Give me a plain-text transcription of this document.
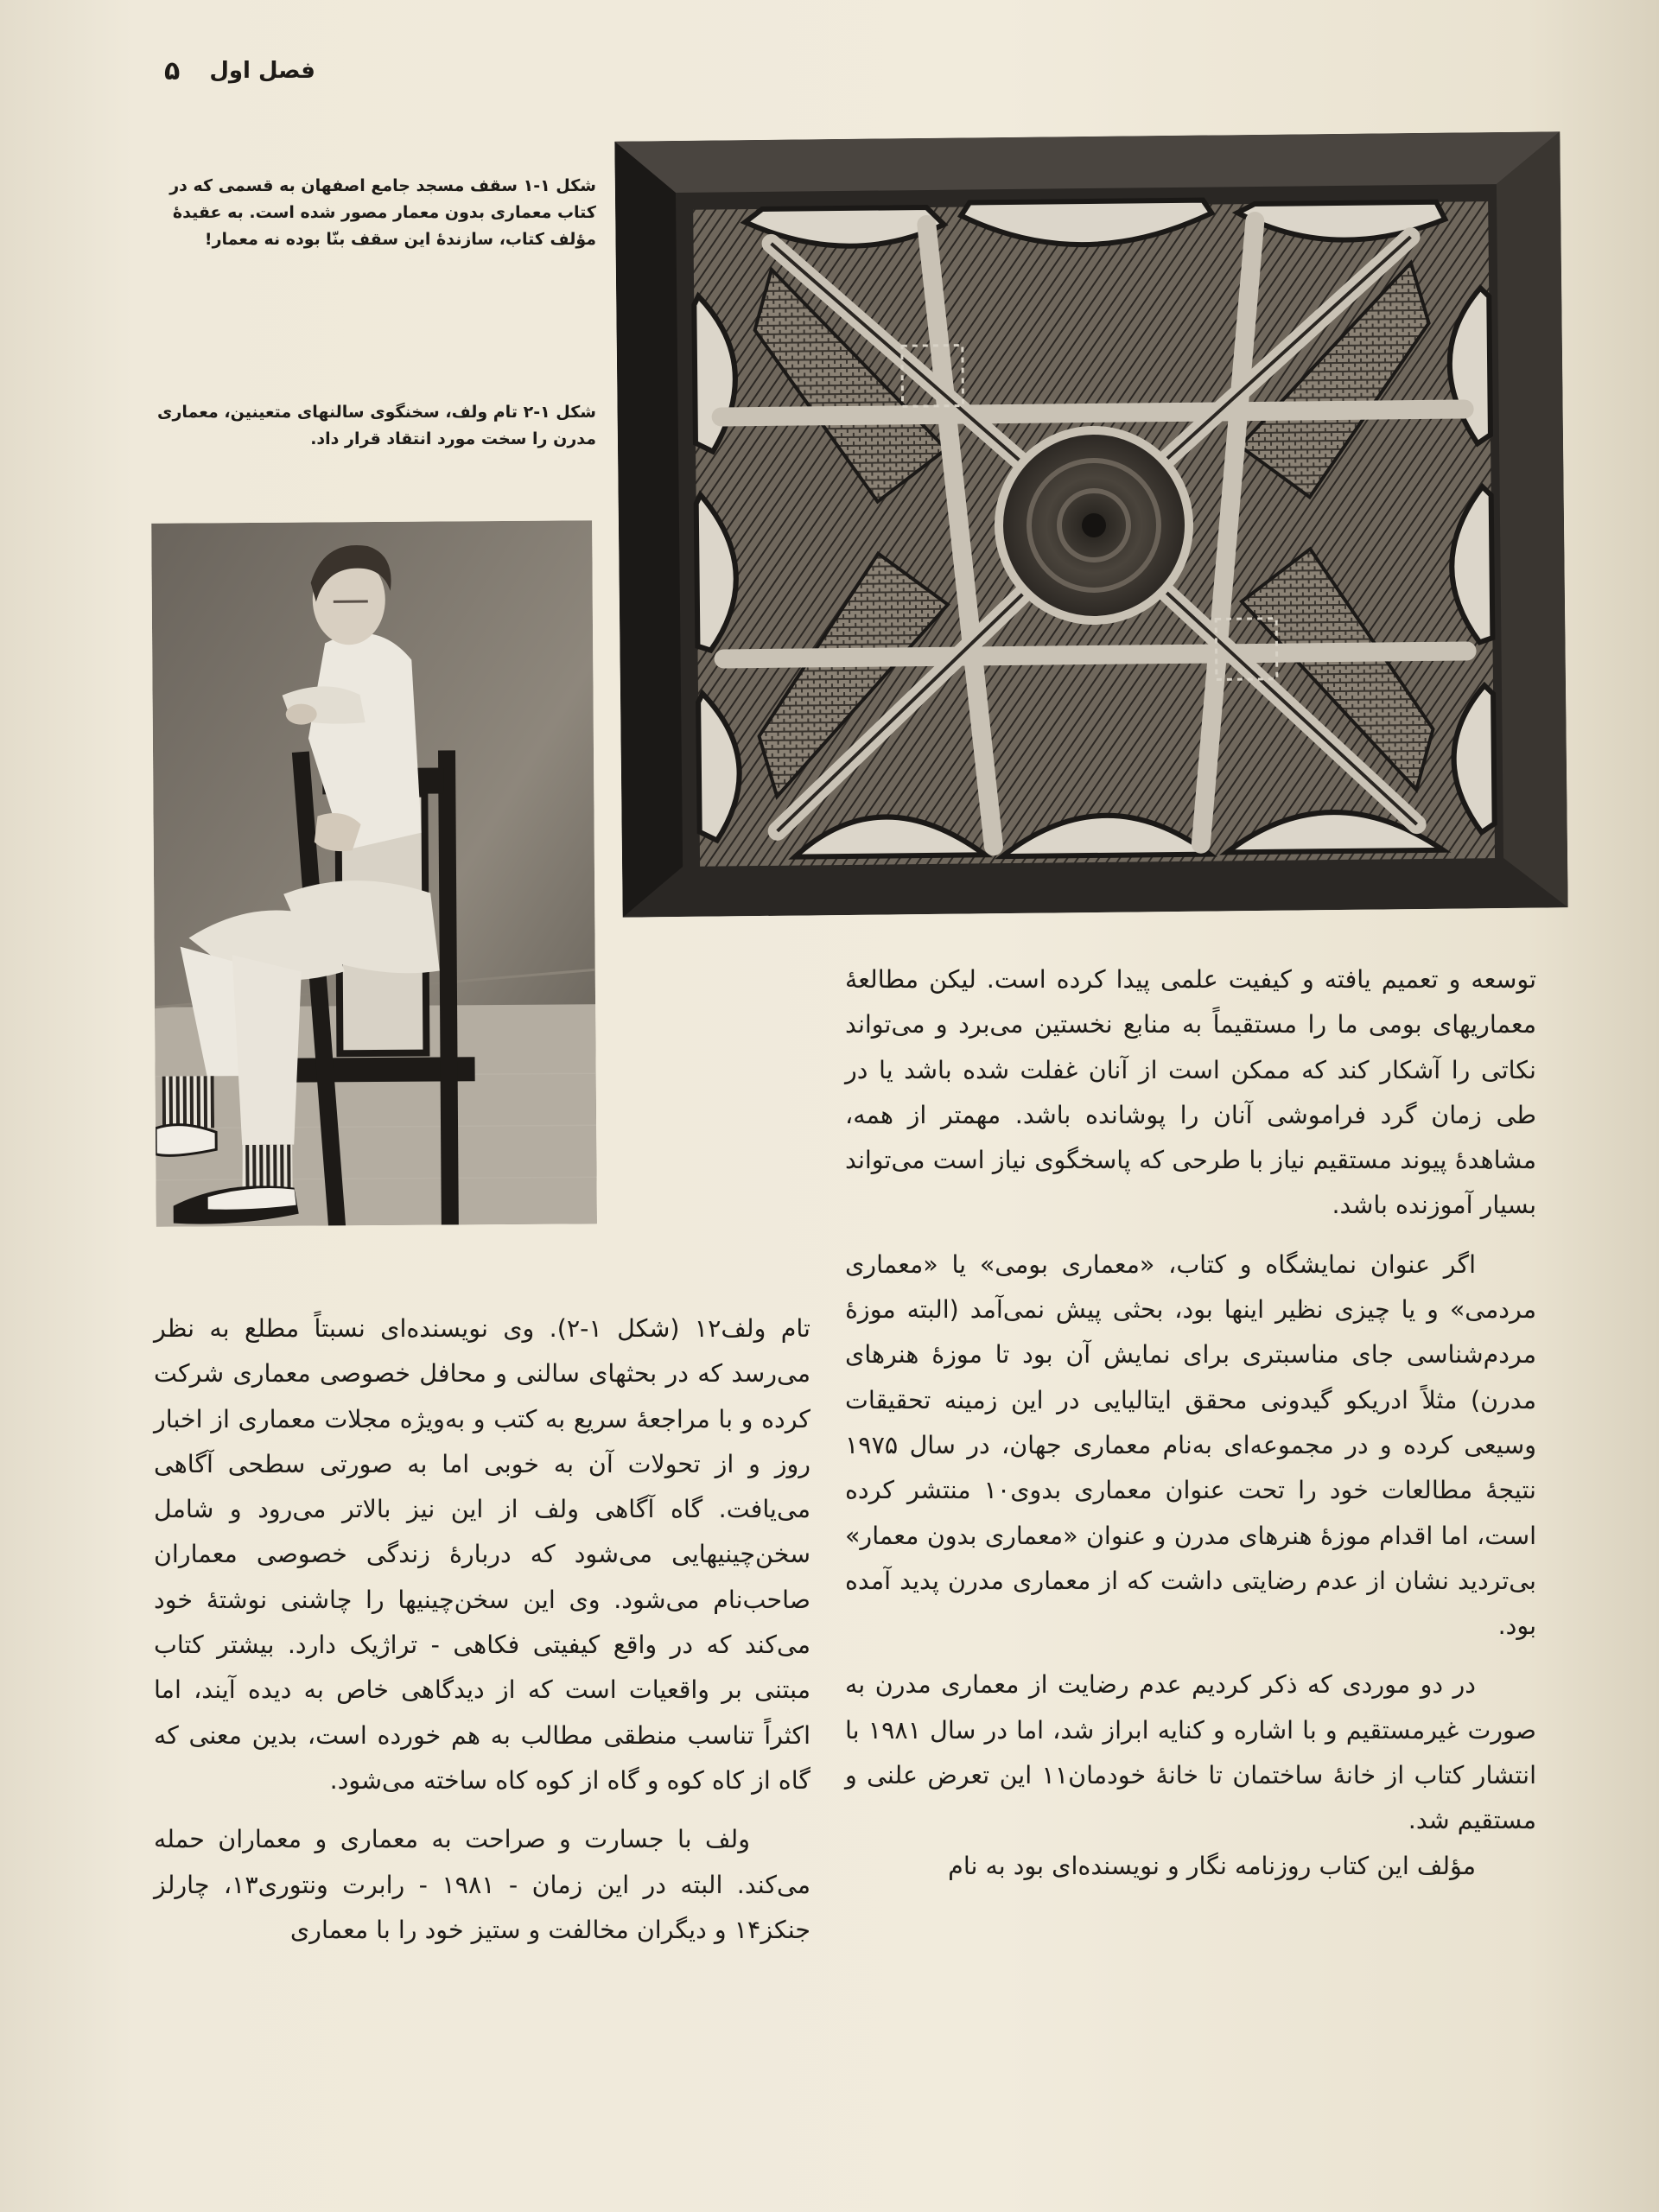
۵ فصل اول
شکل ۱-۱ سقف مسجد جامع اصفهان به قسمی که در کتاب معماری بدون معمار مصور شده است. به عقیدهٔ مؤلف کتاب، سازندهٔ این سقف بنّا بوده نه معمار!
شکل ۱-۲ تام ولف، سخنگوی سالنهای متعینین، معماری مدرن را سخت مورد انتقاد قرار داد.

توسعه و تعمیم یافته و کیفیت علمی پیدا کرده است. لیکن مطالعهٔ معماریهای بومی ما را مستقیماً به منابع نخستین می‌برد و می‌تواند نکاتی را آشکار کند که ممکن است از آنان غفلت شده باشد یا در طی زمان گرد فراموشی آنان را پوشانده باشد. مهمتر از همه، مشاهدهٔ پیوند مستقیم نیاز با طرحی که پاسخگوی نیاز است می‌تواند بسیار آموزنده باشد.

اگر عنوان نمایشگاه و کتاب، «معماری بومی» یا «معماری مردمی» و یا چیزی نظیر اینها بود، بحثی پیش نمی‌آمد (البته موزهٔ مردم‌شناسی جای مناسبتری برای نمایش آن بود تا موزهٔ هنرهای مدرن) مثلاً ادریکو گیدونی محقق ایتالیایی در این زمینه تحقیقات وسیعی کرده و در مجموعه‌ای به‌نام معماری جهان، در سال ۱۹۷۵ نتیجهٔ مطالعات خود را تحت عنوان معماری بدوی۱۰ منتشر کرده است، اما اقدام موزهٔ هنرهای مدرن و عنوان «معماری بدون معمار» بی‌تردید نشان از عدم رضایتی داشت که از معماری مدرن پدید آمده بود.

در دو موردی که ذکر کردیم عدم رضایت از معماری مدرن به صورت غیرمستقیم و با اشاره و کنایه ابراز شد، اما در سال ۱۹۸۱ با انتشار کتاب از خانهٔ ساختمان تا خانهٔ خودمان۱۱ این تعرض علنی و مستقیم شد.

مؤلف این کتاب روزنامه نگار و نویسنده‌ای بود به نام

تام ولف۱۲ (شکل ۱-۲). وی نویسنده‌ای نسبتاً مطلع به نظر می‌رسد که در بحثهای سالنی و محافل خصوصی معماری شرکت کرده و با مراجعهٔ سریع به کتب و به‌ویژه مجلات معماری از اخبار روز و از تحولات آن به خوبی اما به صورتی سطحی آگاهی می‌یافت. گاه آگاهی ولف از این نیز بالاتر می‌رود و شامل سخن‌چینیهایی می‌شود که دربارهٔ زندگی خصوصی معماران صاحب‌نام می‌شود. وی این سخن‌چینیها را چاشنی نوشتهٔ خود می‌کند که در واقع کیفیتی فکاهی - تراژیک دارد. بیشتر کتاب مبتنی بر واقعیات است که از دیدگاهی خاص به دیده آیند، اما اکثراً تناسب منطقی مطالب به هم خورده است، بدین معنی که گاه از کاه کوه و گاه از کوه کاه ساخته می‌شود.

ولف با جسارت و صراحت به معماری و معماران حمله می‌کند. البته در این زمان - ۱۹۸۱ - رابرت ونتوری۱۳، چارلز جنکز۱۴ و دیگران مخالفت و ستیز خود را با معماری
